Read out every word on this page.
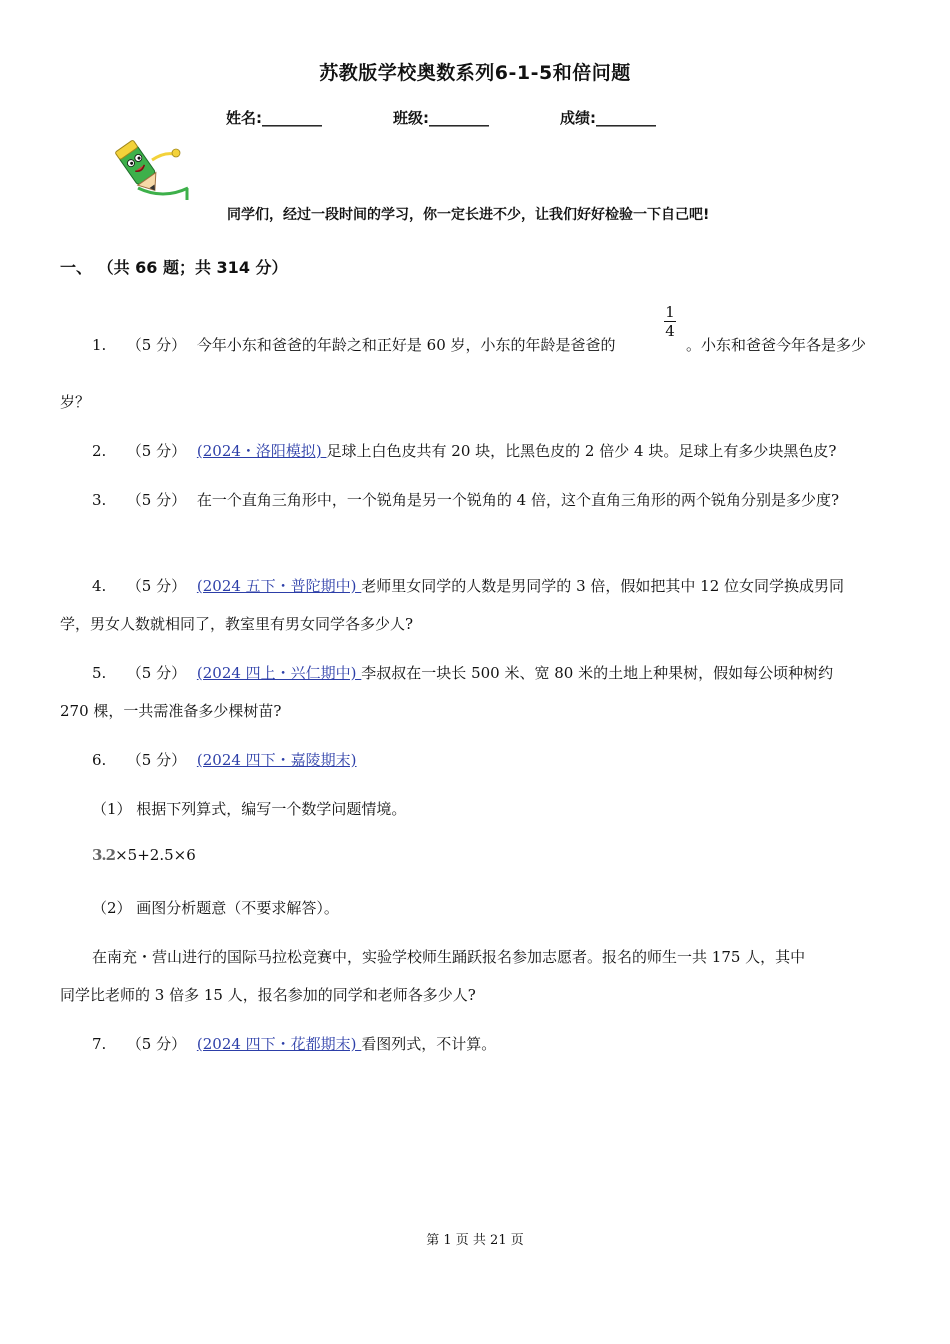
苏教版学校奥数系列6-1-5和倍问题
姓名:________	班级:________	成绩:________
同学们，经过一段时间的学习，你一定长进不少，让我们好好检验一下自己吧!
一、 （共 66 题；共 314 分）
1. （5 分） 今年小东和爸爸的年龄之和正好是 60 岁，小东的年龄是爸爸的
1
4
。小东和爸爸今年各是多少
岁？
2. （5 分） (2024・洛阳模拟) 足球上白色皮共有 20 块，比黑色皮的 2 倍少 4 块。足球上有多少块黑色皮?
3. （5 分） 在一个直角三角形中，一个锐角是另一个锐角的 4 倍，这个直角三角形的两个锐角分别是多少度?
4. （5 分） (2024 五下・普陀期中) 老师里女同学的人数是男同学的 3 倍，假如把其中 12 位女同学换成男同
学，男女人数就相同了，教室里有男女同学各多少人?
5. （5 分） (2024 四上・兴仁期中) 李叔叔在一块长 500 米、宽 80 米的土地上种果树，假如每公顷种树约
270 棵，一共需准备多少棵树苗?
6. （5 分） (2024 四下・嘉陵期末)
（1） 根据下列算式，编写一个数学问题情境。
3.2×5+2.5×6
（2） 画图分析题意（不要求解答）。
在南充・营山进行的国际马拉松竞赛中，实验学校师生踊跃报名参加志愿者。报名的师生一共 175 人，其中
同学比老师的 3 倍多 15 人，报名参加的同学和老师各多少人?
7. （5 分） (2024 四下・花都期末) 看图列式，不计算。
第 1 页 共 21 页
